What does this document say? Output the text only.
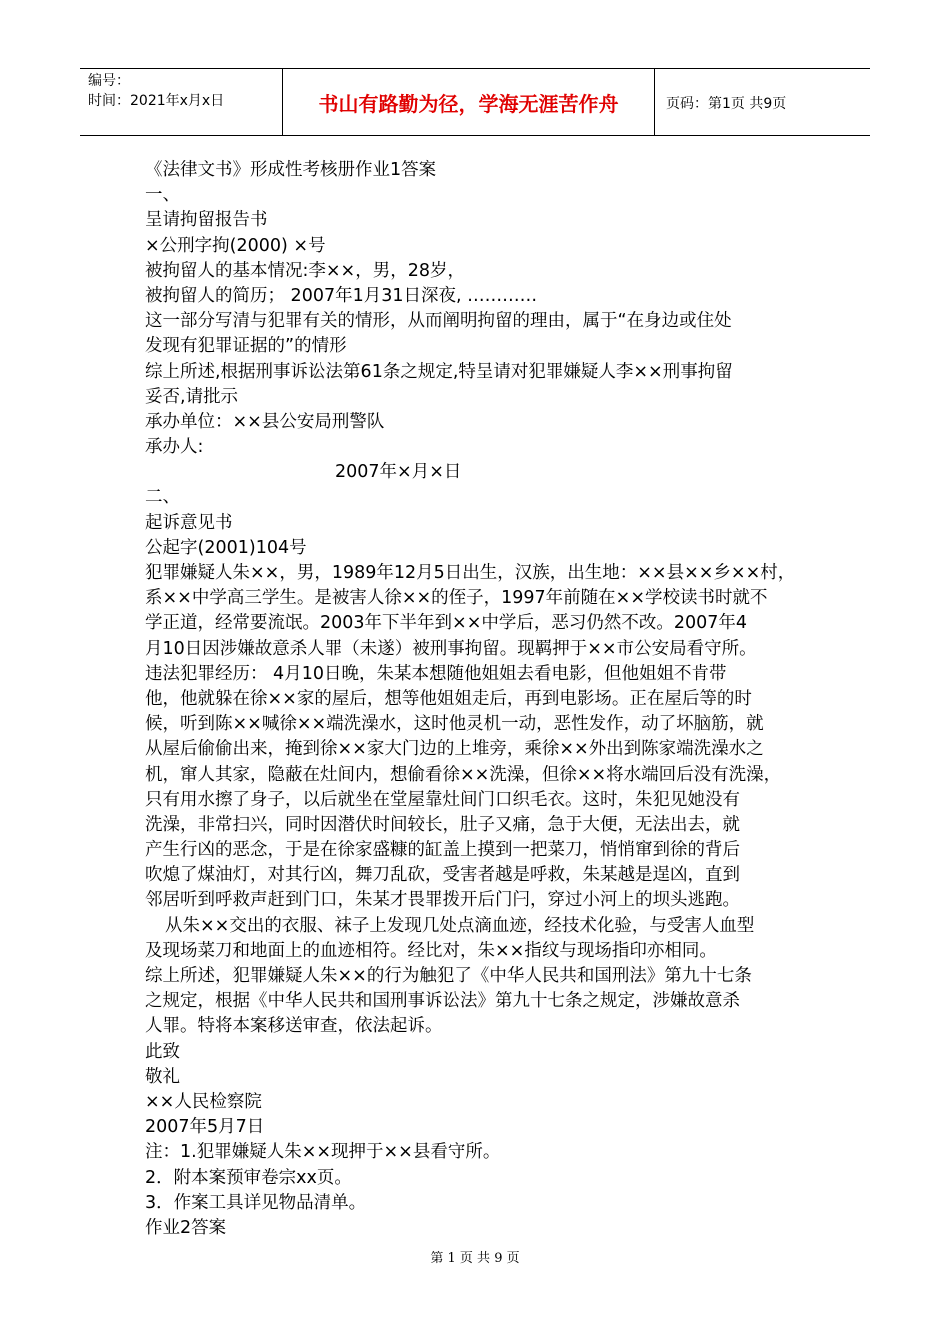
编号：
时间：2021年x月x日	书山有路勤为径，学海无涯苦作舟	页码：第1页 共9页
《法律文书》形成性考核册作业1答案
一、
呈请拘留报告书
×公刑字拘(2000) ×号
被拘留人的基本情况:李××，男，28岁，
被拘留人的简历； 2007年1月31日深夜, …………
这一部分写清与犯罪有关的情形，从而阐明拘留的理由，属于“在身边或住处
发现有犯罪证据的”的情形
综上所述,根据刑事诉讼法第61条之规定,特呈请对犯罪嫌疑人李××刑事拘留
妥否,请批示
承办单位：××县公安局刑警队
承办人:
2007年×月×日
二、
起诉意见书
公起字(2001)104号
犯罪嫌疑人朱××，男，1989年12月5日出生，汉族，出生地：××县××乡××村，
系××中学高三学生。是被害人徐××的侄子，1997年前随在××学校读书时就不
学正道，经常要流氓。2003年下半年到××中学后，恶习仍然不改。2007年4
月10日因涉嫌故意杀人罪（未遂）被刑事拘留。现羁押于××市公安局看守所。
违法犯罪经历： 4月10日晚，朱某本想随他姐姐去看电影，但他姐姐不肯带
他，他就躲在徐××家的屋后，想等他姐姐走后，再到电影场。正在屋后等的时
候，听到陈××喊徐××端洗澡水，这时他灵机一动，恶性发作，动了坏脑筋，就
从屋后偷偷出来，掩到徐××家大门边的上堆旁，乘徐××外出到陈家端洗澡水之
机，窜人其家，隐蔽在灶间内，想偷看徐××洗澡，但徐××将水端回后没有洗澡，
只有用水擦了身子，以后就坐在堂屋靠灶间门口织毛衣。这时，朱犯见她没有
洗澡，非常扫兴，同时因潜伏时间较长，肚子又痛，急于大便，无法出去，就
产生行凶的恶念，于是在徐家盛糠的缸盖上摸到一把菜刀，悄悄窜到徐的背后
吹熄了煤油灯，对其行凶，舞刀乱砍，受害者越是呼救，朱某越是逞凶，直到
邻居听到呼救声赶到门口，朱某才畏罪拨开后门闩，穿过小河上的坝头逃跑。
从朱××交出的衣服、袜子上发现几处点滴血迹，经技术化验，与受害人血型
及现场菜刀和地面上的血迹相符。经比对，朱××指纹与现场指印亦相同。
综上所述，犯罪嫌疑人朱××的行为触犯了《中华人民共和国刑法》第九十七条
之规定，根据《中华人民共和国刑事诉讼法》第九十七条之规定，涉嫌故意杀
人罪。特将本案移送审查，依法起诉。
此致
敬礼
××人民检察院
2007年5月7日
注：1.犯罪嫌疑人朱××现押于××县看守所。
2．附本案预审卷宗xx页。
3．作案工具详见物品清单。
作业2答案
第 1 页 共 9 页
